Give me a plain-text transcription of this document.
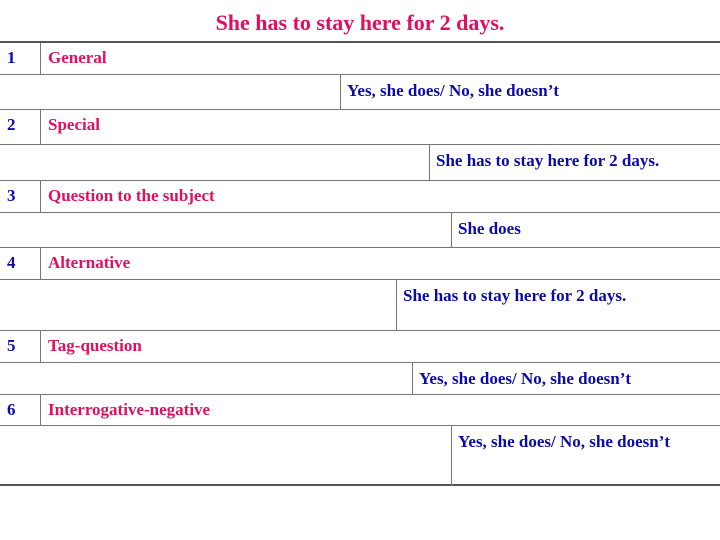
She has to stay here for 2 days.
1	General
Yes, she does/ No, she doesn’t
2	Special
She has to stay here for 2 days.
3	Question to the subject
She does
4	Alternative
She has to stay here for 2 days.
5	Tag-question
Yes, she does/ No, she doesn’t
6	Interrogative-negative
Yes, she does/ No, she doesn’t
